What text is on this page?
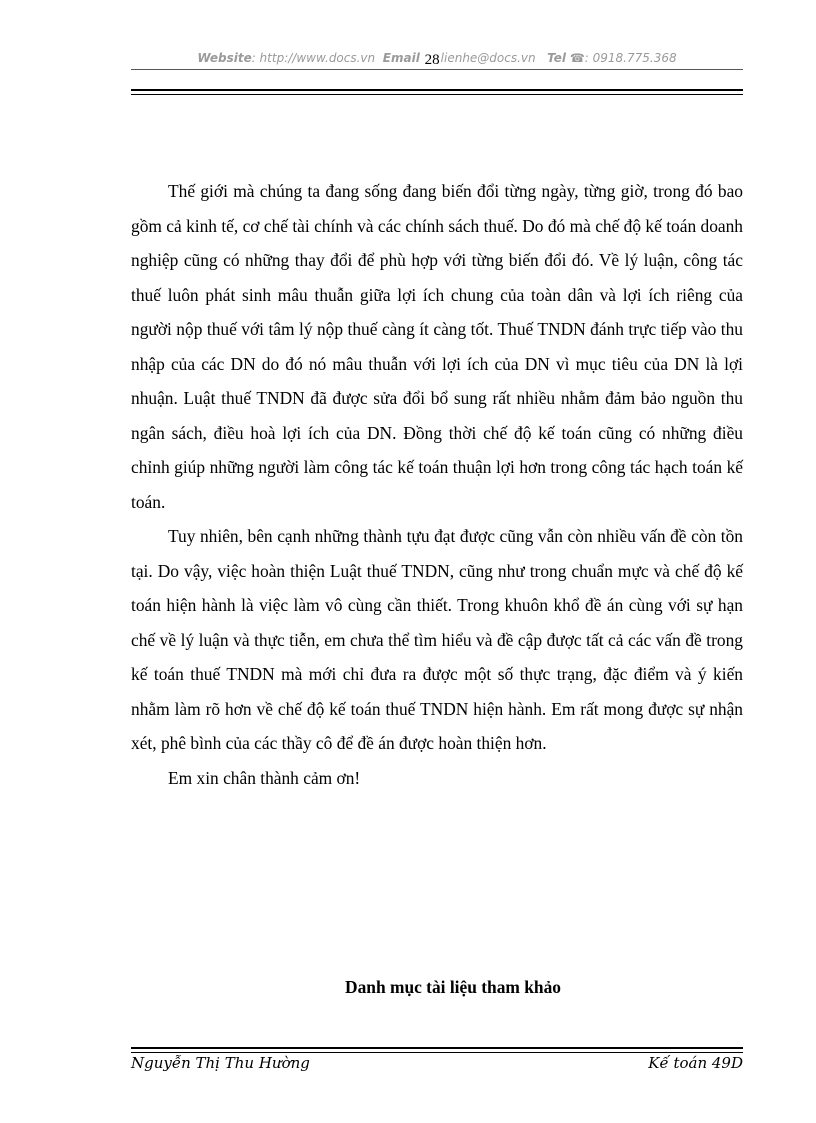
Website: http://www.docs.vn Email 28lienhe@docs.vn Tel ☎: 0918.775.368

Thế giới mà chúng ta đang sống đang biến đổi từng ngày, từng giờ, trong đó bao gồm cả kinh tế, cơ chế tài chính và các chính sách thuế. Do đó mà chế độ kế toán doanh nghiệp cũng có những thay đổi để phù hợp với từng biến đổi đó. Về lý luận, công tác thuế luôn phát sinh mâu thuẫn giữa lợi ích chung của toàn dân và lợi ích riêng của người nộp thuế với tâm lý nộp thuế càng ít càng tốt. Thuế TNDN đánh trực tiếp vào thu nhập của các DN do đó nó mâu thuẫn với lợi ích của DN vì mục tiêu của DN là lợi nhuận. Luật thuế TNDN đã được sửa đổi bổ sung rất nhiều nhằm đảm bảo nguồn thu ngân sách, điều hoà lợi ích của DN. Đồng thời chế độ kế toán cũng có những điều chỉnh giúp những người làm công tác kế toán thuận lợi hơn trong công tác hạch toán kế toán.

Tuy nhiên, bên cạnh những thành tựu đạt được cũng vẫn còn nhiều vấn đề còn tồn tại. Do vậy, việc hoàn thiện Luật thuế TNDN, cũng như trong chuẩn mực và chế độ kế toán hiện hành là việc làm vô cùng cần thiết. Trong khuôn khổ đề án cùng với sự hạn chế về lý luận và thực tiễn, em chưa thể tìm hiểu và đề cập được tất cả các vấn đề trong kế toán thuế TNDN mà mới chỉ đưa ra được một số thực trạng, đặc điểm và ý kiến nhằm làm rõ hơn về chế độ kế toán thuế TNDN hiện hành. Em rất mong được sự nhận xét, phê bình của các thầy cô để đề án được hoàn thiện hơn.

Em xin chân thành cảm ơn!

Danh mục tài liệu tham khảo
Nguyễn Thị Thu Hường	Kế toán 49D
